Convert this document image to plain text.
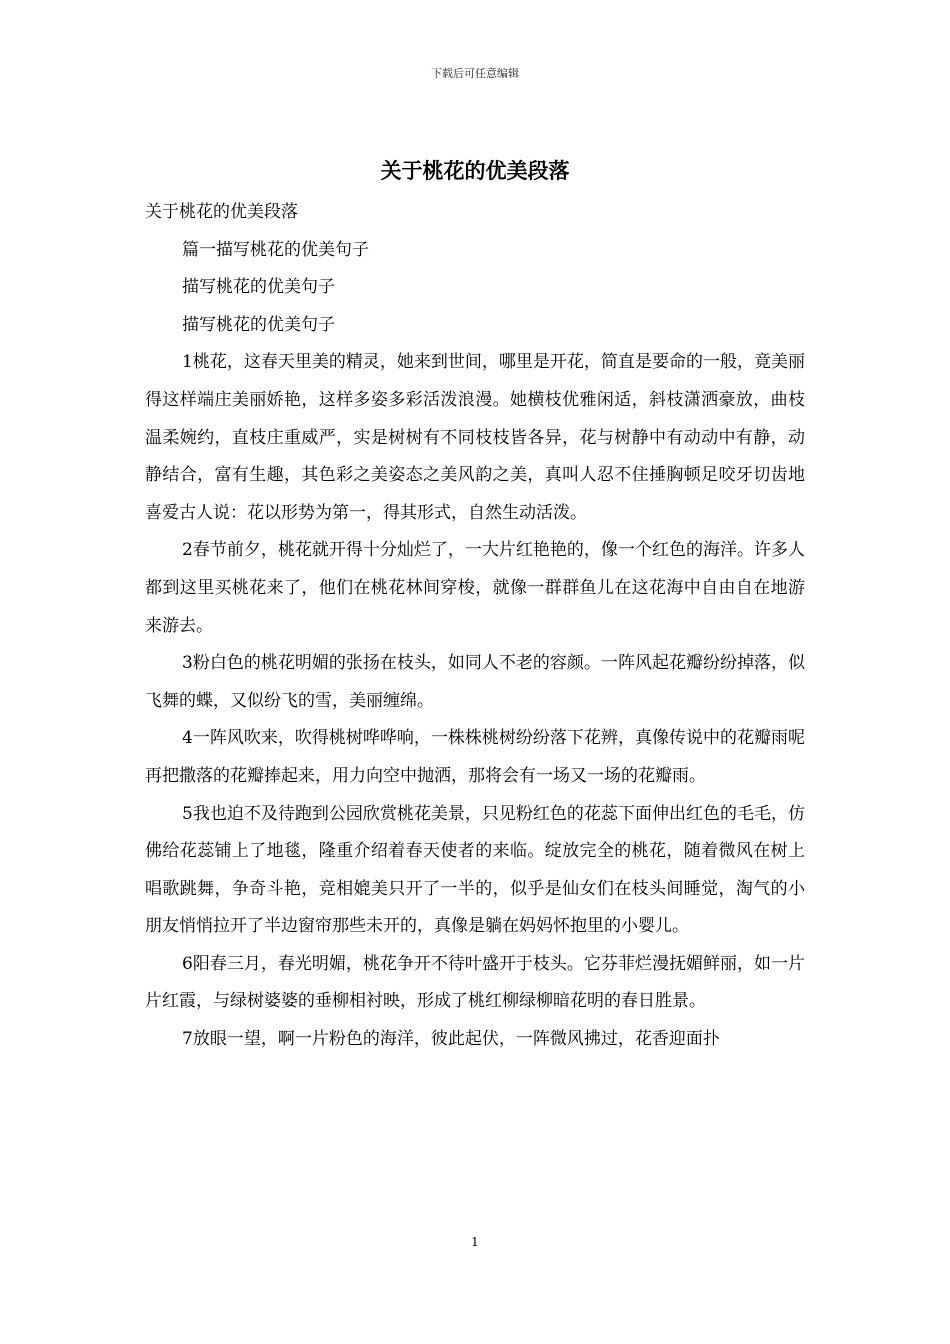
下载后可任意编辑
关于桃花的优美段落

关于桃花的优美段落

篇一描写桃花的优美句子

描写桃花的优美句子

描写桃花的优美句子

1桃花，这春天里美的精灵，她来到世间，哪里是开花，简直是要命的一般，竟美丽得这样端庄美丽娇艳，这样多姿多彩活泼浪漫。她横枝优雅闲适，斜枝潇洒豪放，曲枝温柔婉约，直枝庄重威严，实是树树有不同枝枝皆各异，花与树静中有动动中有静，动静结合，富有生趣，其色彩之美姿态之美风韵之美，真叫人忍不住捶胸顿足咬牙切齿地喜爱古人说：花以形势为第一，得其形式，自然生动活泼。

2春节前夕，桃花就开得十分灿烂了，一大片红艳艳的，像一个红色的海洋。许多人都到这里买桃花来了，他们在桃花林间穿梭，就像一群群鱼儿在这花海中自由自在地游来游去。

3粉白色的桃花明媚的张扬在枝头，如同人不老的容颜。一阵风起花瓣纷纷掉落，似飞舞的蝶，又似纷飞的雪，美丽缠绵。

4一阵风吹来，吹得桃树哗哗响，一株株桃树纷纷落下花辨，真像传说中的花瓣雨呢再把撒落的花瓣捧起来，用力向空中抛洒，那将会有一场又一场的花瓣雨。

5我也迫不及待跑到公园欣赏桃花美景，只见粉红色的花蕊下面伸出红色的毛毛，仿佛给花蕊铺上了地毯，隆重介绍着春天使者的来临。绽放完全的桃花，随着微风在树上唱歌跳舞，争奇斗艳，竞相媲美只开了一半的，似乎是仙女们在枝头间睡觉，淘气的小朋友悄悄拉开了半边窗帘那些未开的，真像是躺在妈妈怀抱里的小婴儿。

6阳春三月，春光明媚，桃花争开不待叶盛开于枝头。它芬菲烂漫抚媚鲜丽，如一片片红霞，与绿树婆婆的垂柳相衬映，形成了桃红柳绿柳暗花明的春日胜景。

7放眼一望，啊一片粉色的海洋，彼此起伏，一阵微风拂过，花香迎面扑

1
